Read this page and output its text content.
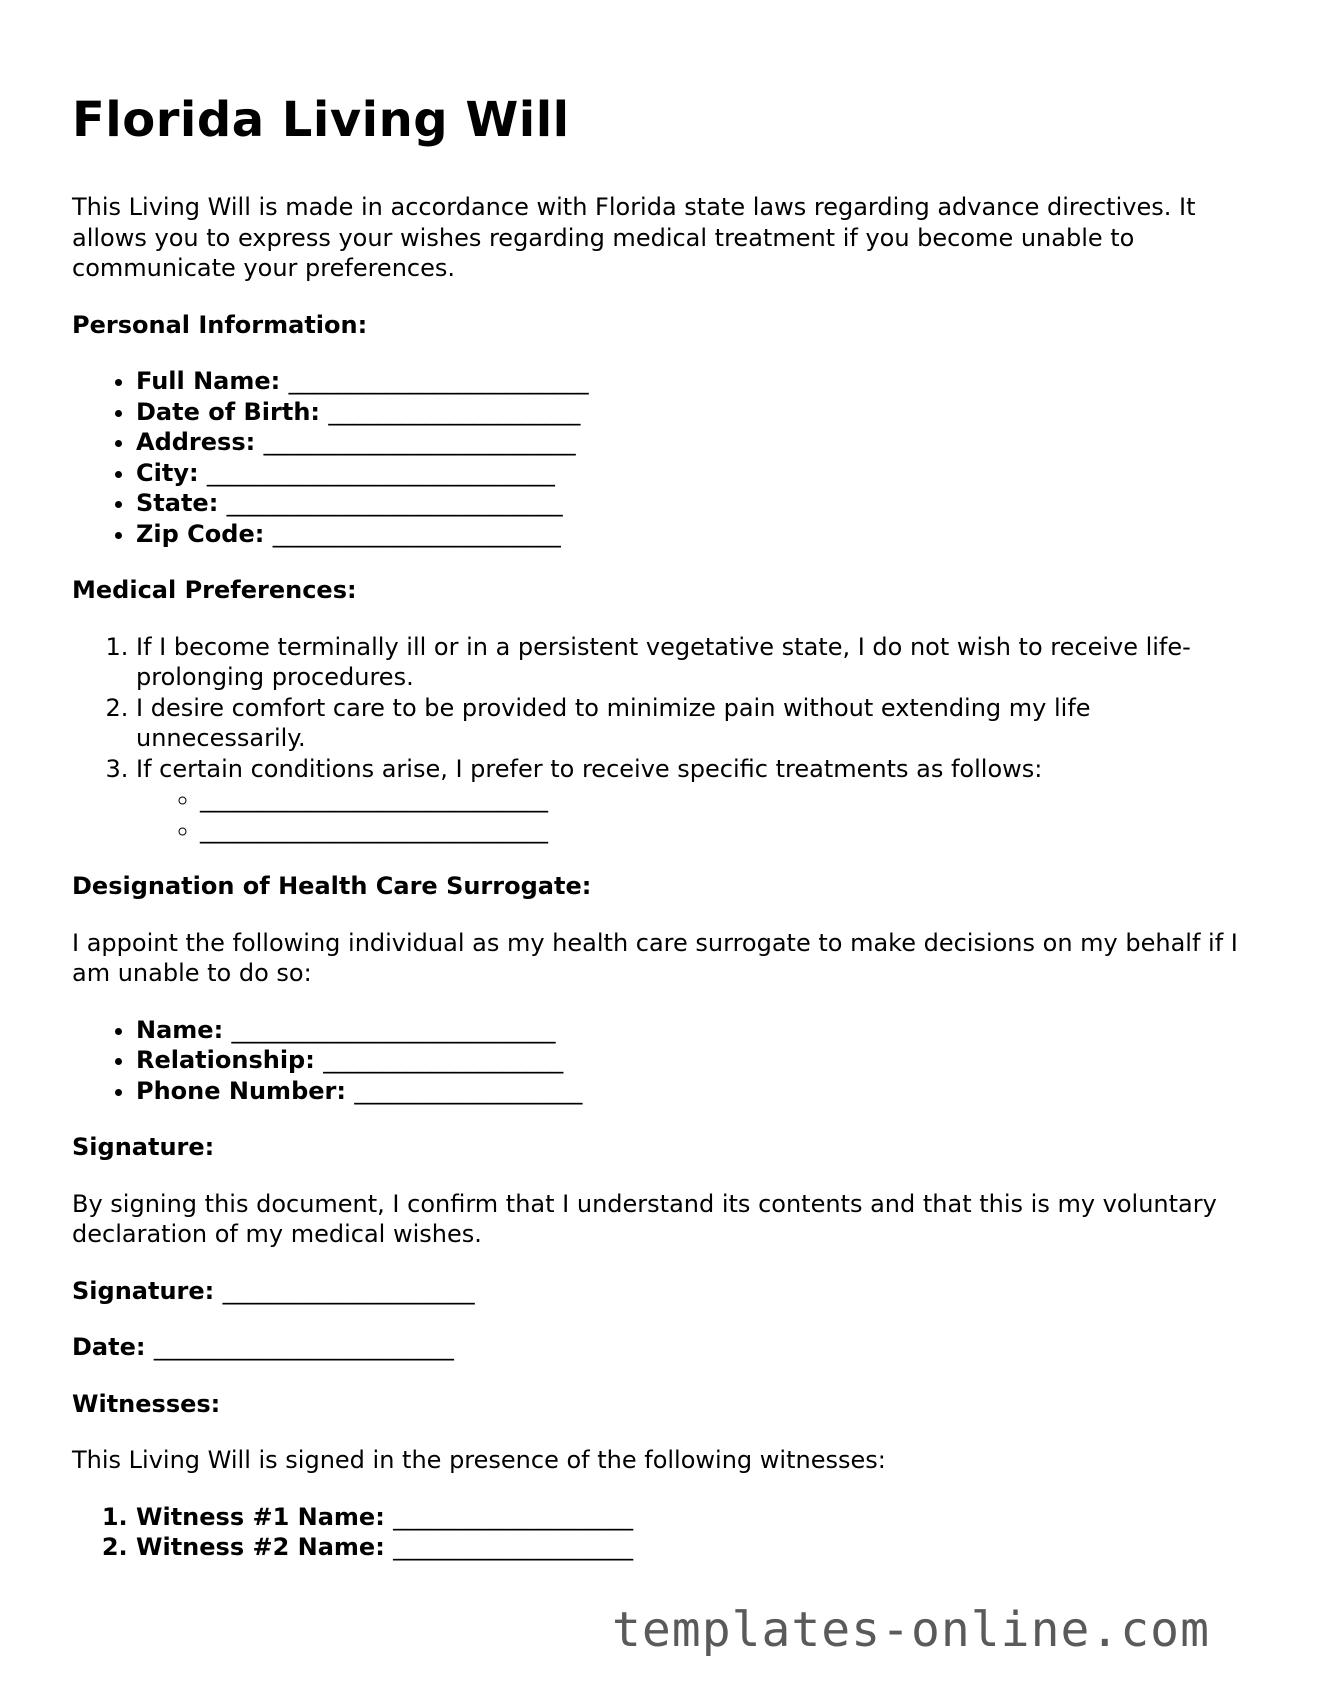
Florida Living Will

This Living Will is made in accordance with Florida state laws regarding advance directives. It allows you to express your wishes regarding medical treatment if you become unable to communicate your preferences.

Personal Information:
• Full Name: _________________________
• Date of Birth: _____________________
• Address: __________________________
• City: _____________________________
• State: ____________________________
• Zip Code: ________________________
Medical Preferences:
1. If I become terminally ill or in a persistent vegetative state, I do not wish to receive life-prolonging procedures.
2. I desire comfort care to be provided to minimize pain without extending my life unnecessarily.
3. If certain conditions arise, I prefer to receive specific treatments as follows:
◦ _____________________________
◦ _____________________________
Designation of Health Care Surrogate:

I appoint the following individual as my health care surrogate to make decisions on my behalf if I am unable to do so:

• Name: ___________________________
• Relationship: ____________________
• Phone Number: ___________________
Signature:

By signing this document, I confirm that I understand its contents and that this is my voluntary declaration of my medical wishes.

Signature: _____________________
Date: _________________________
Witnesses:

This Living Will is signed in the presence of the following witnesses:

1. Witness #1 Name: ____________________
2. Witness #2 Name: ____________________
templates-online.com
